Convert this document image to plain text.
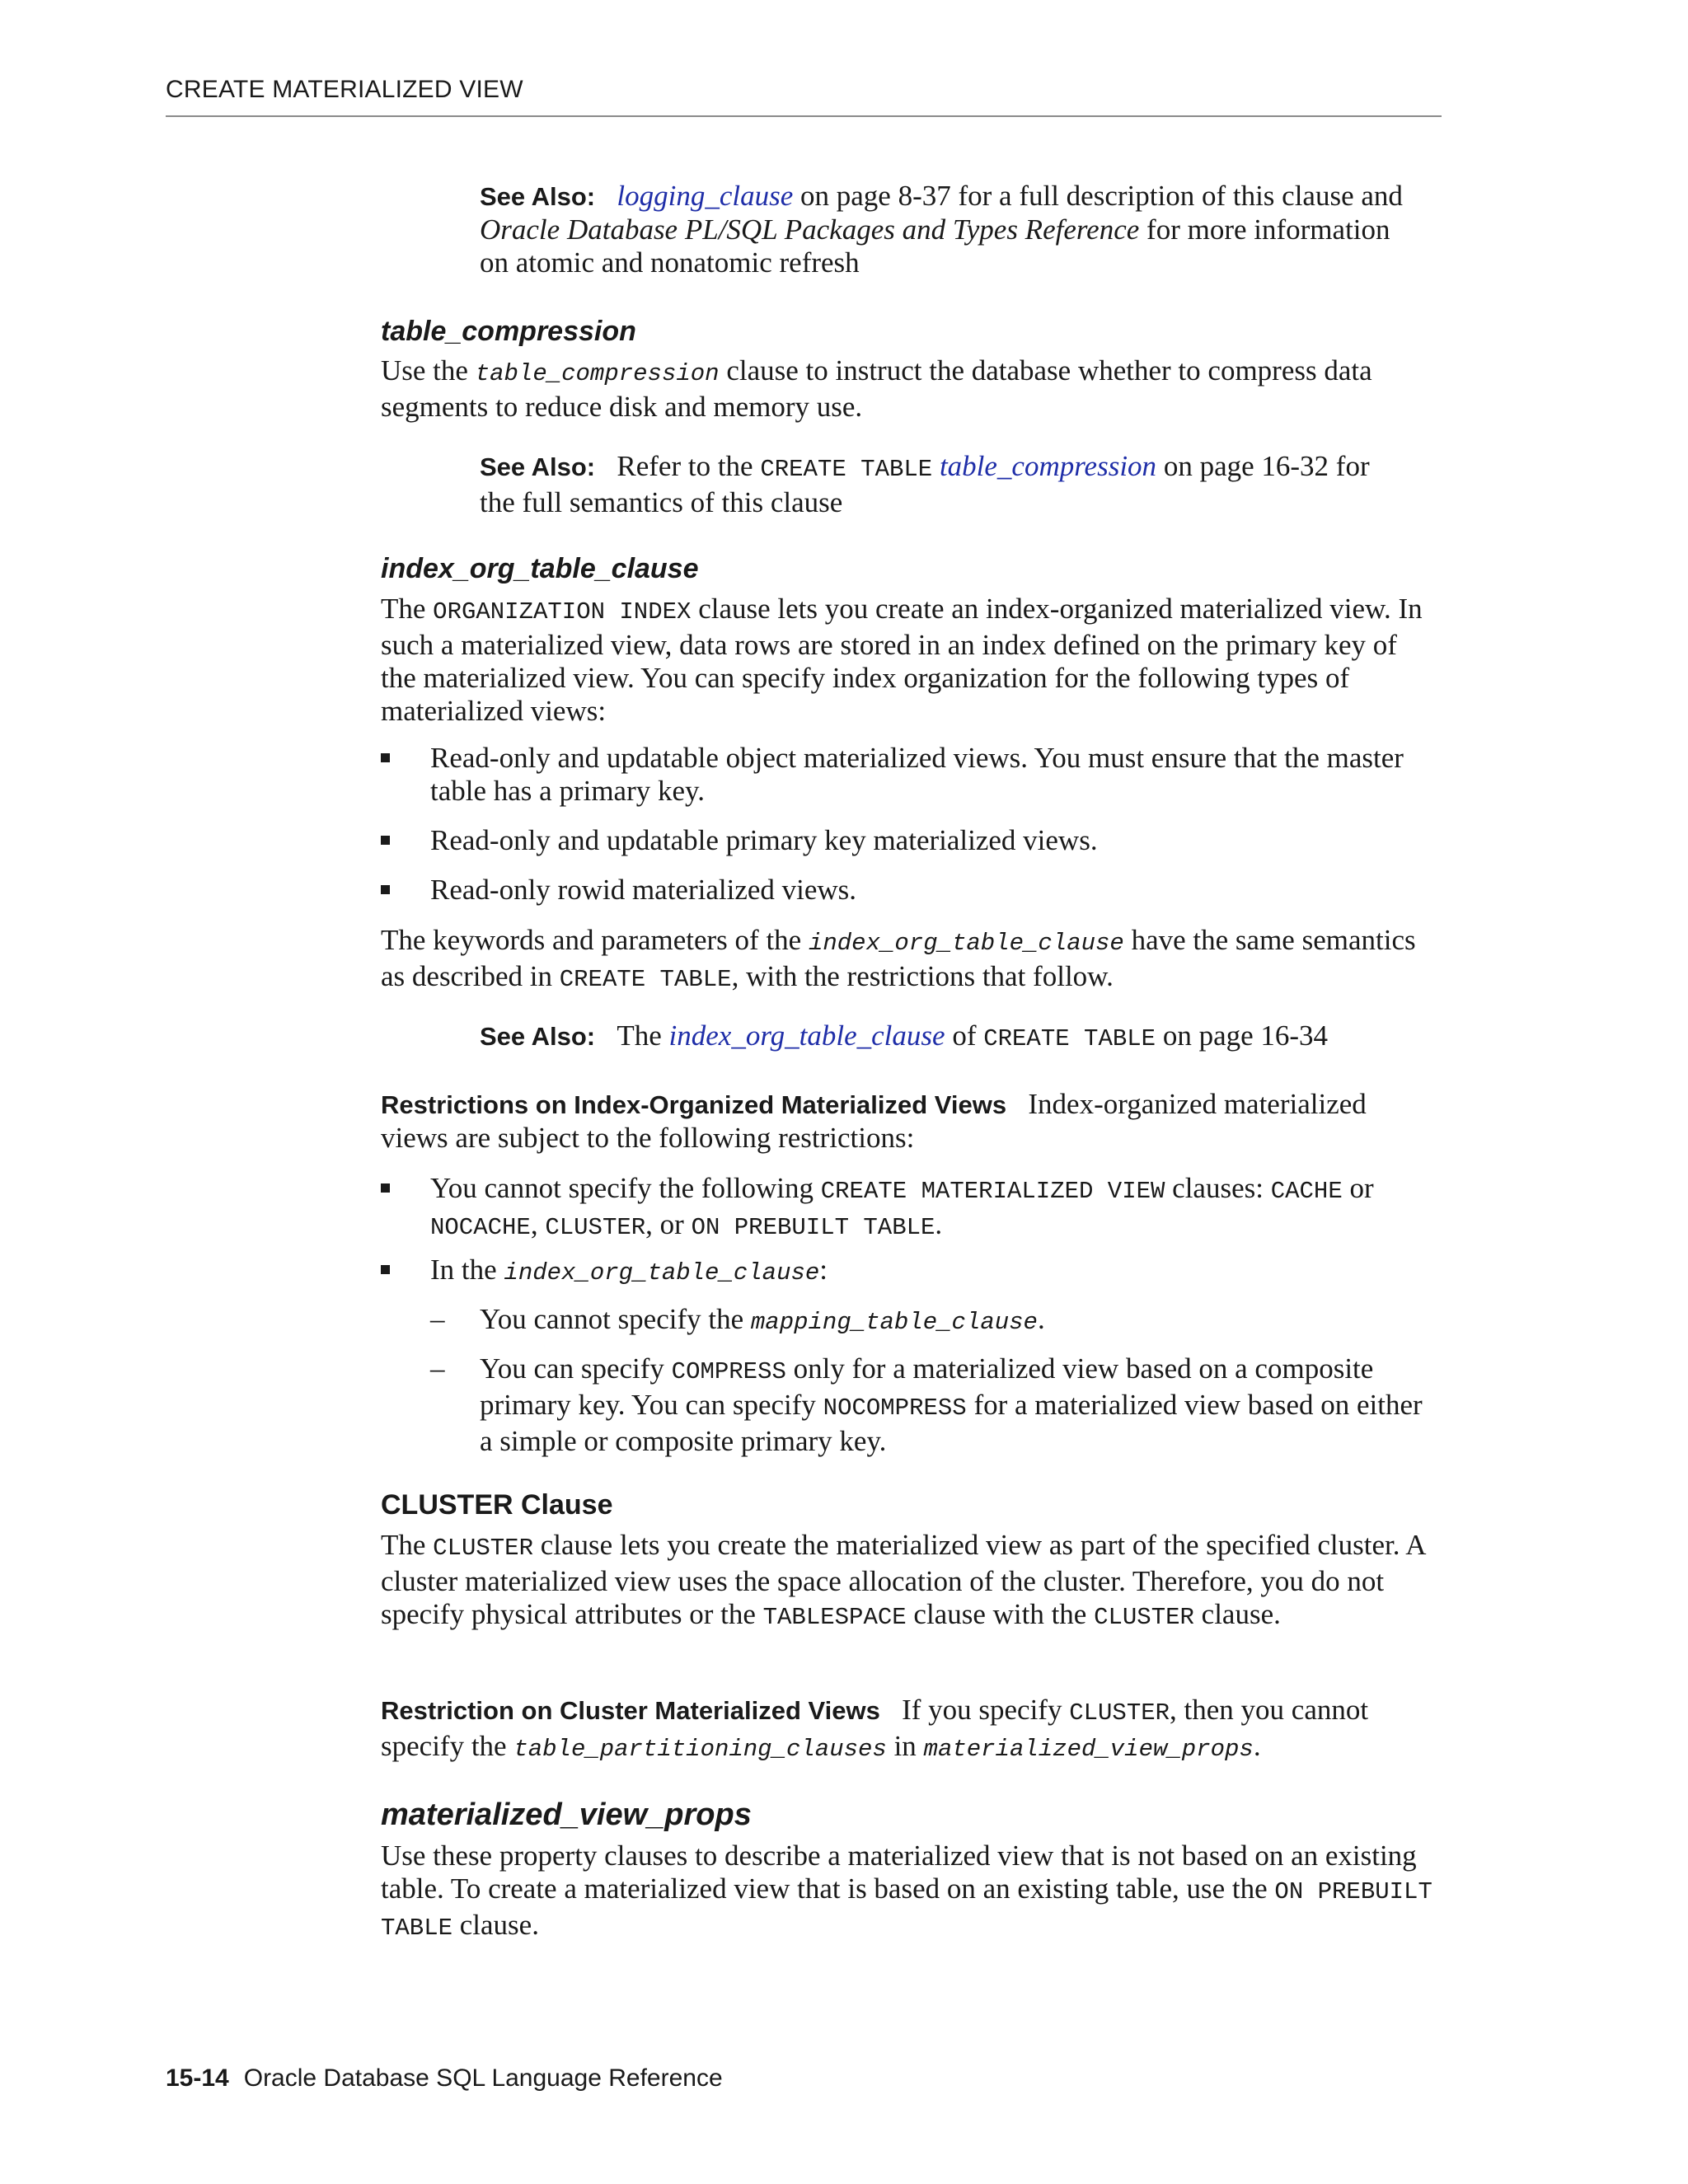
CREATE MATERIALIZED VIEW
See Also: logging_clause on page 8-37 for a full description of this clause and Oracle Database PL/SQL Packages and Types Reference for more information on atomic and nonatomic refresh
table_compression
Use the table_compression clause to instruct the database whether to compress data segments to reduce disk and memory use.
See Also: Refer to the CREATE TABLE table_compression on page 16-32 for the full semantics of this clause
index_org_table_clause
The ORGANIZATION INDEX clause lets you create an index-organized materialized view. In such a materialized view, data rows are stored in an index defined on the primary key of the materialized view. You can specify index organization for the following types of materialized views:
Read-only and updatable object materialized views. You must ensure that the master table has a primary key.
Read-only and updatable primary key materialized views.
Read-only rowid materialized views.
The keywords and parameters of the index_org_table_clause have the same semantics as described in CREATE TABLE, with the restrictions that follow.
See Also: The index_org_table_clause of CREATE TABLE on page 16-34
Restrictions on Index-Organized Materialized Views Index-organized materialized views are subject to the following restrictions:
You cannot specify the following CREATE MATERIALIZED VIEW clauses: CACHE or NOCACHE, CLUSTER, or ON PREBUILT TABLE.
In the index_org_table_clause:
– You cannot specify the mapping_table_clause.
– You can specify COMPRESS only for a materialized view based on a composite primary key. You can specify NOCOMPRESS for a materialized view based on either a simple or composite primary key.
CLUSTER Clause
The CLUSTER clause lets you create the materialized view as part of the specified cluster. A cluster materialized view uses the space allocation of the cluster. Therefore, you do not specify physical attributes or the TABLESPACE clause with the CLUSTER clause.
Restriction on Cluster Materialized Views If you specify CLUSTER, then you cannot specify the table_partitioning_clauses in materialized_view_props.
materialized_view_props
Use these property clauses to describe a materialized view that is not based on an existing table. To create a materialized view that is based on an existing table, use the ON PREBUILT TABLE clause.
15-14 Oracle Database SQL Language Reference
